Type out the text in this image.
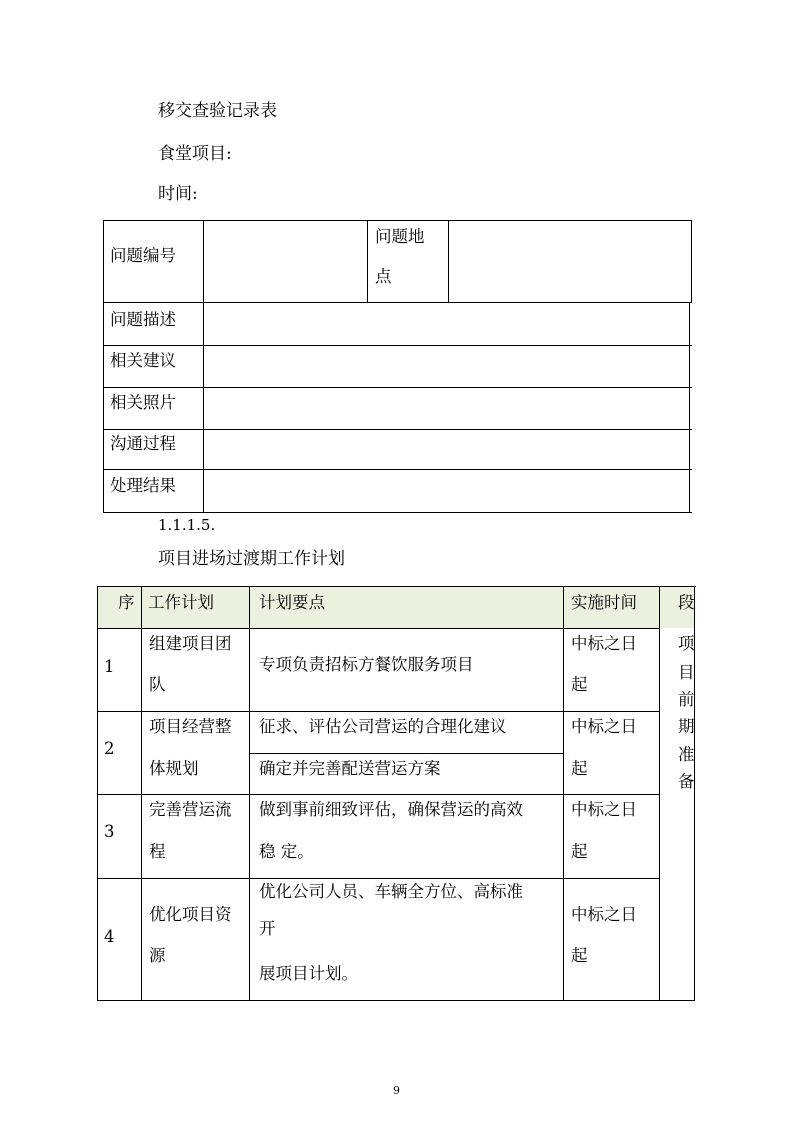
移交查验记录表
食堂项目:
时间:
问题编号
问题地
点
问题描述
相关建议
相关照片
沟通过程
处理结果
1.1.1.5.
项目进场过渡期工作计划
序 工作计划	计划要点	实施时间 段
1
组建项目团
队
专项负责招标方餐饮服务项目
中标之日
起
2
项目经营整
体规划
征求、评估公司营运的合理化建议
确定并完善配送营运方案
中标之日
起
3
完善营运流
程
做到事前细致评估，确保营运的高效
稳 定。
中标之日
起
4
优化项目资
源
优化公司人员、车辆全方位、高标准
开
展项目计划。
中标之日
起
项
目
前
期
准
备
9
